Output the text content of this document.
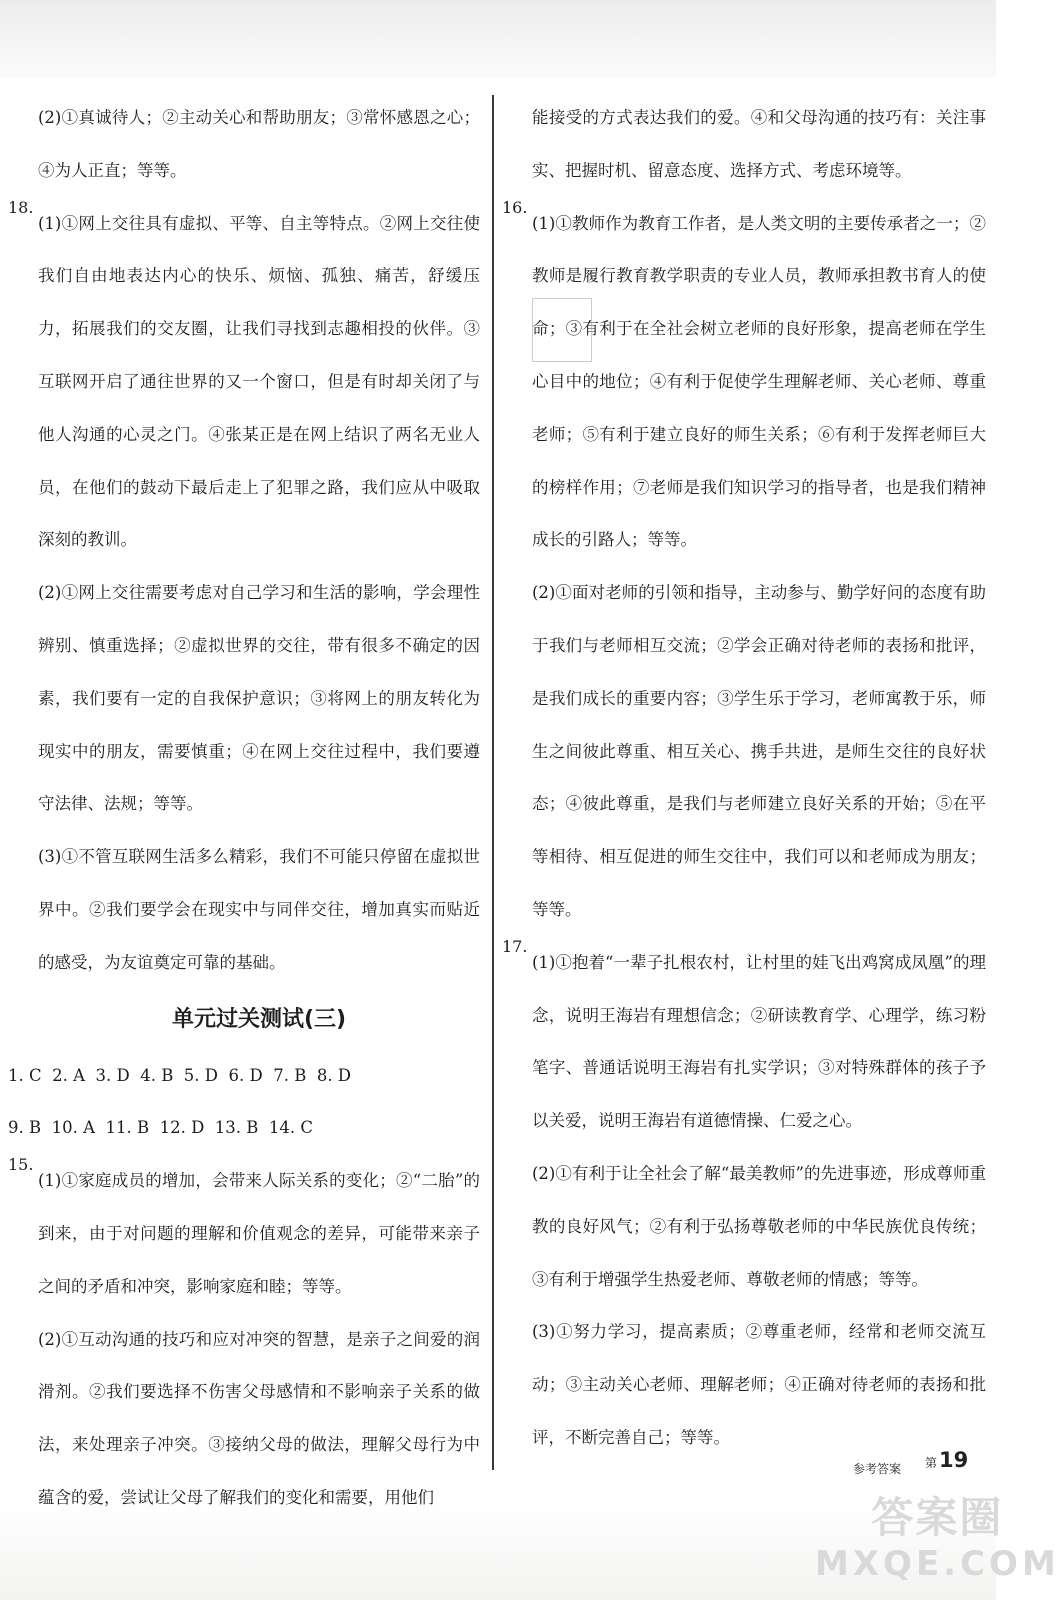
(2)①真诚待人；②主动关心和帮助朋友；③常怀感恩之心；④为人正直；等等。

18.

(1)①网上交往具有虚拟、平等、自主等特点。②网上交往使我们自由地表达内心的快乐、烦恼、孤独、痛苦，舒缓压力，拓展我们的交友圈，让我们寻找到志趣相投的伙伴。③互联网开启了通往世界的又一个窗口，但是有时却关闭了与他人沟通的心灵之门。④张某正是在网上结识了两名无业人员，在他们的鼓动下最后走上了犯罪之路，我们应从中吸取深刻的教训。

(2)①网上交往需要考虑对自己学习和生活的影响，学会理性辨别、慎重选择；②虚拟世界的交往，带有很多不确定的因素，我们要有一定的自我保护意识；③将网上的朋友转化为现实中的朋友，需要慎重；④在网上交往过程中，我们要遵守法律、法规；等等。

(3)①不管互联网生活多么精彩，我们不可能只停留在虚拟世界中。②我们要学会在现实中与同伴交往，增加真实而贴近的感受，为友谊奠定可靠的基础。

单元过关测试(三)

1. C  2. A  3. D  4. B  5. D  6. D  7. B  8. D

9. B  10. A  11. B  12. D  13. B  14. C

15.

(1)①家庭成员的增加，会带来人际关系的变化；②“二胎”的到来，由于对问题的理解和价值观念的差异，可能带来亲子之间的矛盾和冲突，影响家庭和睦；等等。

(2)①互动沟通的技巧和应对冲突的智慧，是亲子之间爱的润滑剂。②我们要选择不伤害父母感情和不影响亲子关系的做法，来处理亲子冲突。③接纳父母的做法，理解父母行为中蕴含的爱，尝试让父母了解我们的变化和需要，用他们

能接受的方式表达我们的爱。④和父母沟通的技巧有：关注事实、把握时机、留意态度、选择方式、考虑环境等。

16.

(1)①教师作为教育工作者，是人类文明的主要传承者之一；②教师是履行教育教学职责的专业人员，教师承担教书育人的使命；③有利于在全社会树立老师的良好形象，提高老师在学生心目中的地位；④有利于促使学生理解老师、关心老师、尊重老师；⑤有利于建立良好的师生关系；⑥有利于发挥老师巨大的榜样作用；⑦老师是我们知识学习的指导者，也是我们精神成长的引路人；等等。

(2)①面对老师的引领和指导，主动参与、勤学好问的态度有助于我们与老师相互交流；②学会正确对待老师的表扬和批评，是我们成长的重要内容；③学生乐于学习，老师寓教于乐，师生之间彼此尊重、相互关心、携手共进，是师生交往的良好状态；④彼此尊重，是我们与老师建立良好关系的开始；⑤在平等相待、相互促进的师生交往中，我们可以和老师成为朋友；等等。

17.

(1)①抱着“一辈子扎根农村，让村里的娃飞出鸡窝成凤凰”的理念，说明王海岩有理想信念；②研读教育学、心理学，练习粉笔字、普通话说明王海岩有扎实学识；③对特殊群体的孩子予以关爱，说明王海岩有道德情操、仁爱之心。

(2)①有利于让全社会了解“最美教师”的先进事迹，形成尊师重教的良好风气；②有利于弘扬尊敬老师的中华民族优良传统；③有利于增强学生热爱老师、尊敬老师的情感；等等。

(3)①努力学习，提高素质；②尊重老师，经常和老师交流互动；③主动关心老师、理解老师；④正确对待老师的表扬和批评，不断完善自己；等等。

参考答案 第19
答案圈
MXQE.COM
